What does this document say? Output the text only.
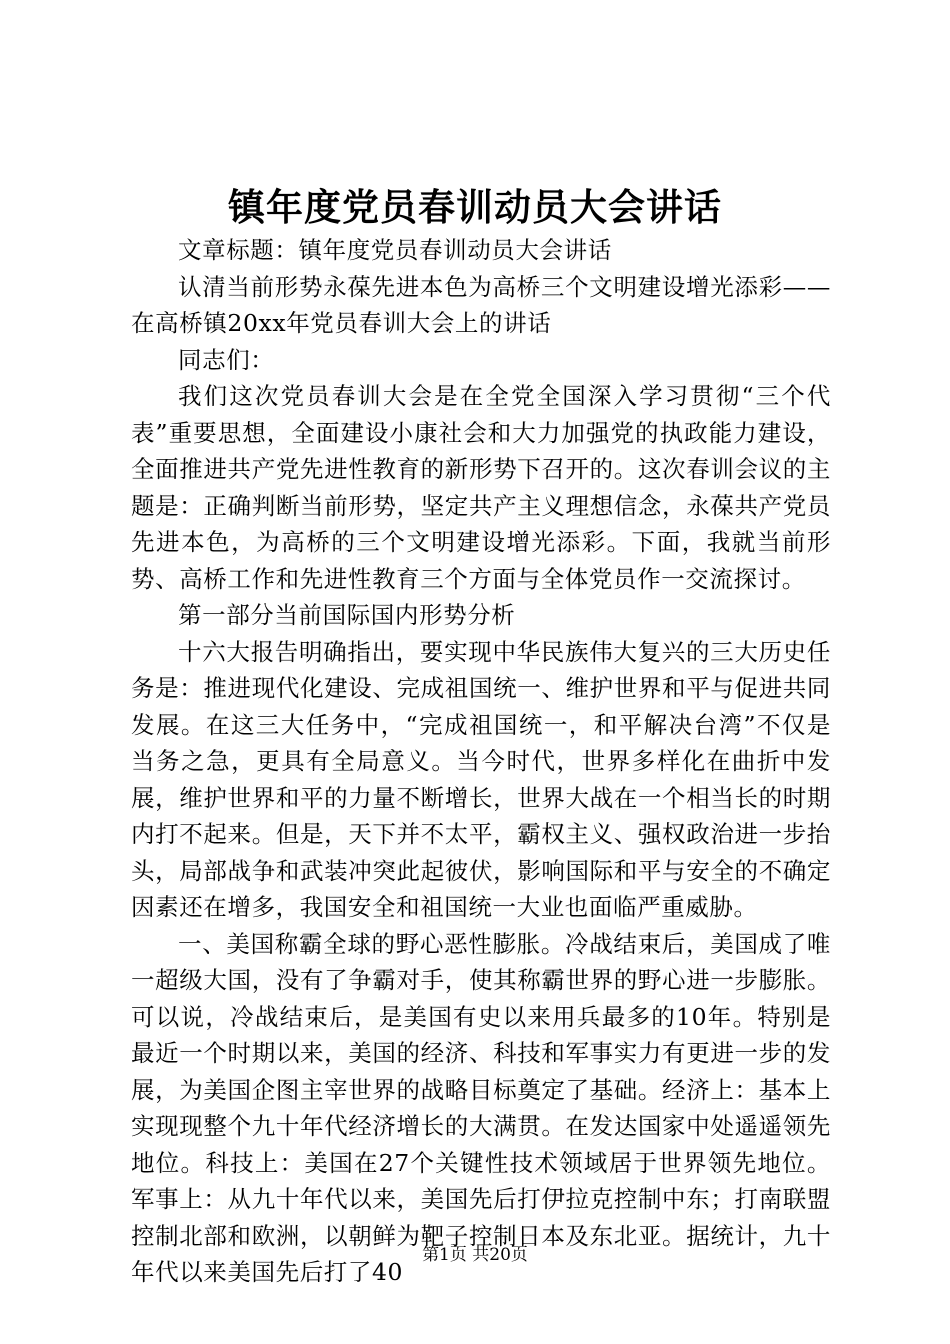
镇年度党员春训动员大会讲话

文章标题：镇年度党员春训动员大会讲话

认清当前形势永葆先进本色为高桥三个文明建设增光添彩——在高桥镇20xx年党员春训大会上的讲话

同志们：

我们这次党员春训大会是在全党全国深入学习贯彻“三个代表”重要思想，全面建设小康社会和大力加强党的执政能力建设，全面推进共产党先进性教育的新形势下召开的。这次春训会议的主题是：正确判断当前形势，坚定共产主义理想信念，永葆共产党员先进本色，为高桥的三个文明建设增光添彩。下面，我就当前形势、高桥工作和先进性教育三个方面与全体党员作一交流探讨。

第一部分当前国际国内形势分析

十六大报告明确指出，要实现中华民族伟大复兴的三大历史任务是：推进现代化建设、完成祖国统一、维护世界和平与促进共同发展。在这三大任务中，“完成祖国统一，和平解决台湾”不仅是当务之急，更具有全局意义。当今时代，世界多样化在曲折中发展，维护世界和平的力量不断增长，世界大战在一个相当长的时期内打不起来。但是，天下并不太平，霸权主义、强权政治进一步抬头，局部战争和武装冲突此起彼伏，影响国际和平与安全的不确定因素还在增多，我国安全和祖国统一大业也面临严重威胁。

一、美国称霸全球的野心恶性膨胀。冷战结束后，美国成了唯一超级大国，没有了争霸对手，使其称霸世界的野心进一步膨胀。可以说，冷战结束后，是美国有史以来用兵最多的10年。特别是最近一个时期以来，美国的经济、科技和军事实力有更进一步的发展，为美国企图主宰世界的战略目标奠定了基础。经济上：基本上实现现整个九十年代经济增长的大满贯。在发达国家中处遥遥领先地位。科技上：美国在27个关键性技术领域居于世界领先地位。军事上：从九十年代以来，美国先后打伊拉克控制中东；打南联盟控制北部和欧洲，以朝鲜为靶子控制日本及东北亚。据统计，九十年代以来美国先后打了40

第1页 共20页
